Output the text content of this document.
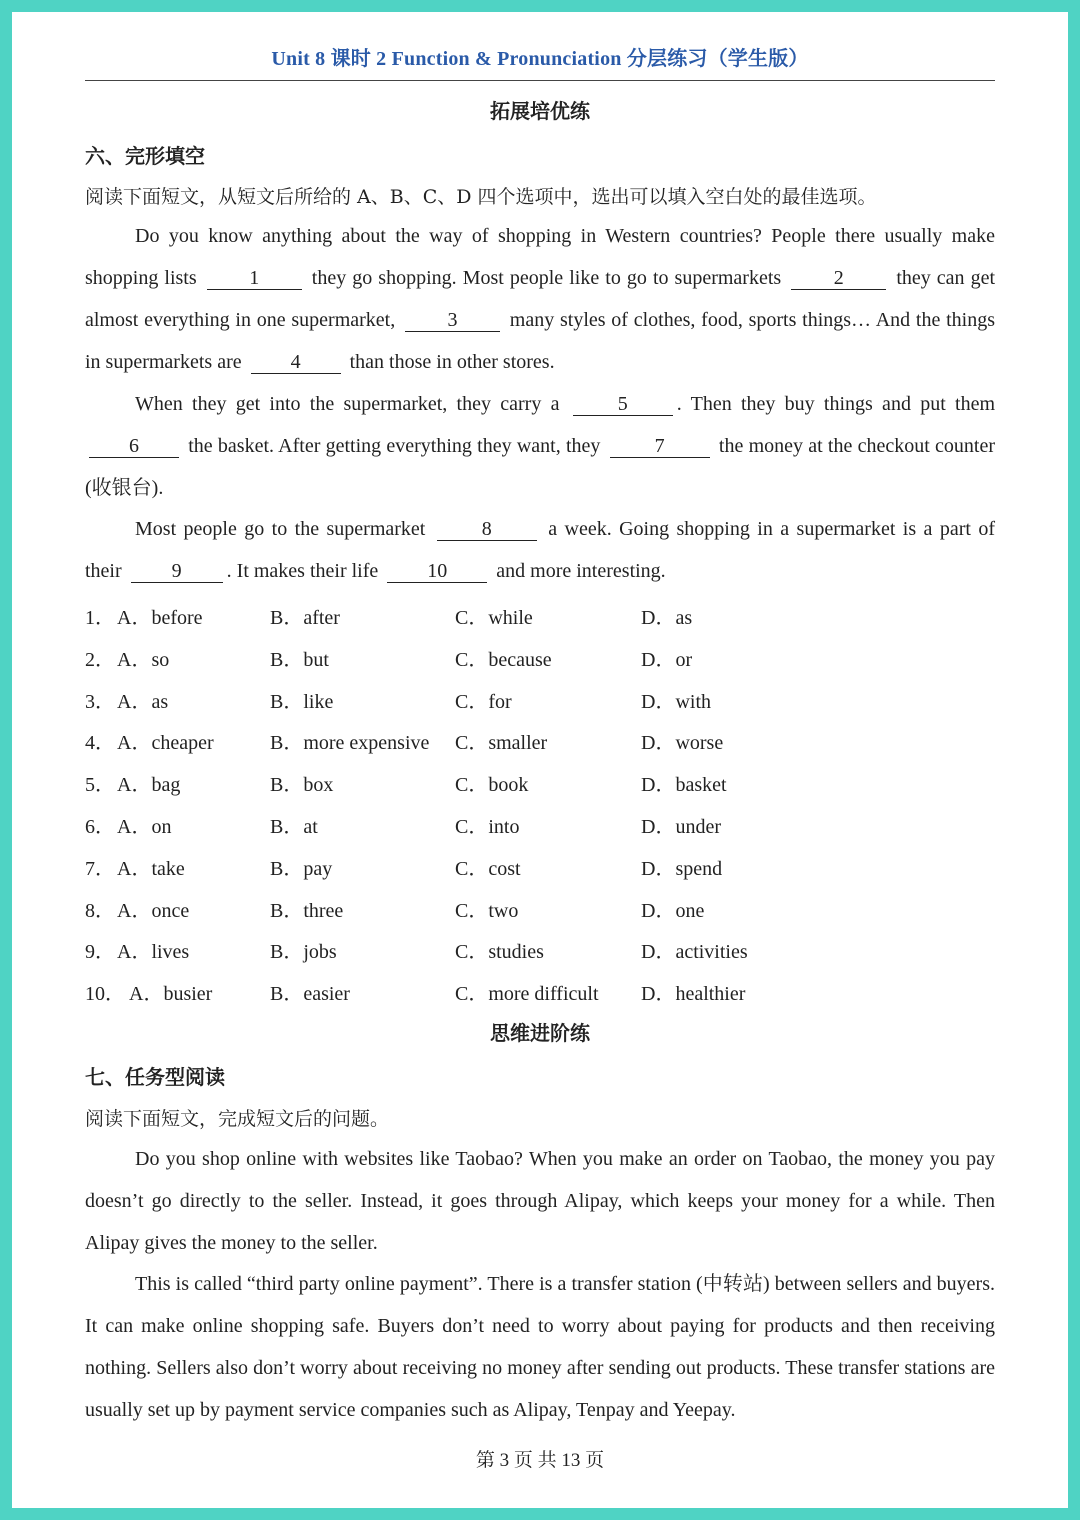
Unit 8 课时 2 Function & Pronunciation 分层练习（学生版）
拓展培优练
六、完形填空
阅读下面短文，从短文后所给的 A、B、C、D 四个选项中，选出可以填入空白处的最佳选项。
Do you know anything about the way of shopping in Western countries? People there usually make shopping lists	1	they go shopping. Most people like to go to supermarkets	2	they can get almost everything in one supermarket,	3	many styles of clothes, food, sports things… And the things in supermarkets are 4 than those in other stores.
When they get into the supermarket, they carry a	5 . Then they buy things and put them 6 the basket. After getting everything they want, they	7	the money at the checkout counter (收银台).
Most people go to the supermarket	8	a week. Going shopping in a supermarket is a part of their	9 . It makes their life 10 and more interesting.
1． A．before	B．after	C．while	D．as
2． A．so	B．but	C．because	D．or
3． A．as	B．like	C．for	D．with
4． A．cheaper	B．more expensive C．smaller	D．worse
5． A．bag	B．box	C．book	D．basket
6． A．on	B．at	C．into	D．under
7． A．take	B．pay	C．cost	D．spend
8． A．once	B．three	C．two	D．one
9． A．lives	B．jobs	C．studies	D．activities
10． A．busier	B．easier	C．more difficult D．healthier
思维进阶练
七、任务型阅读
阅读下面短文，完成短文后的问题。
Do you shop online with websites like Taobao? When you make an order on Taobao, the money you pay doesn’t go directly to the seller. Instead, it goes through Alipay, which keeps your money for a while. Then Alipay gives the money to the seller.
This is called “third party online payment”. There is a transfer station (中转站) between sellers and buyers. It can make online shopping safe. Buyers don’t need to worry about paying for products and then receiving nothing. Sellers also don’t worry about receiving no money after sending out products. These transfer stations are usually set up by payment service companies such as Alipay, Tenpay and Yeepay.
第 3 页 共 13 页
